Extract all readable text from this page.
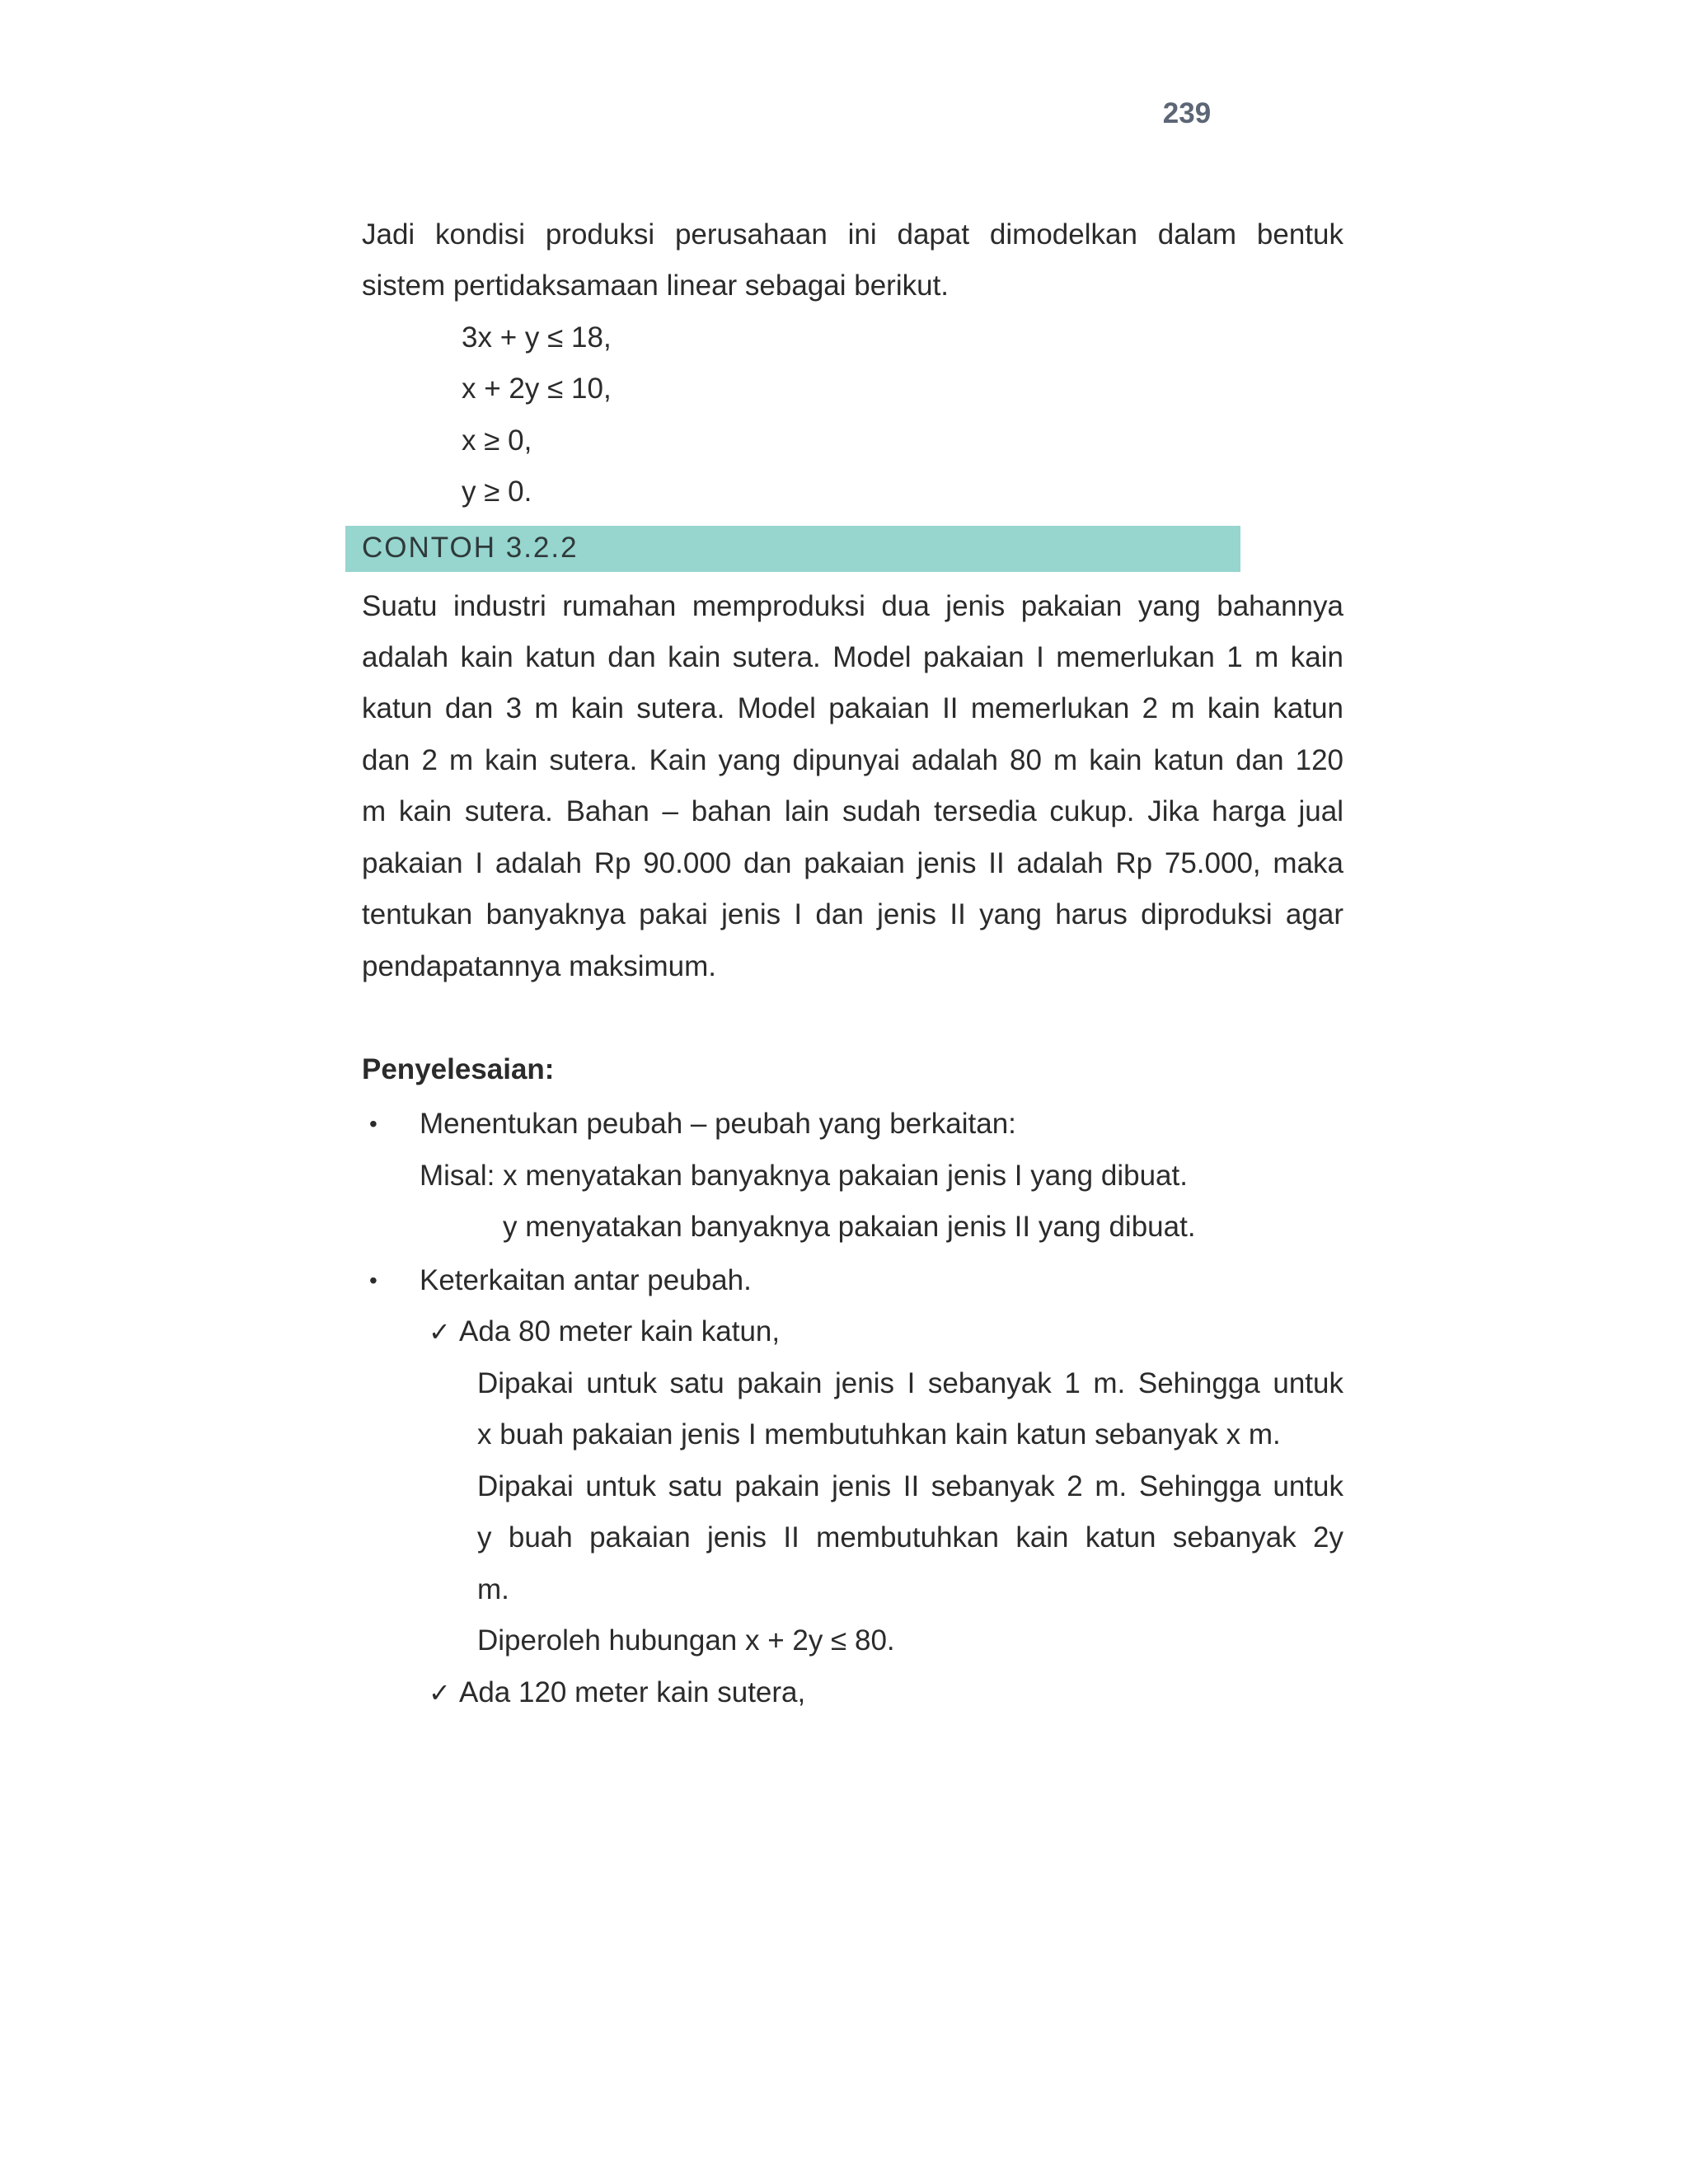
239
Jadi kondisi produksi perusahaan ini dapat dimodelkan dalam bentuk
sistem pertidaksamaan linear sebagai berikut.
3x + y ≤ 18,
x + 2y ≤ 10,
x ≥ 0,
y ≥ 0.
CONTOH 3.2.2
Suatu industri rumahan memproduksi dua jenis pakaian yang bahannya
adalah kain katun dan kain sutera. Model pakaian I memerlukan 1 m kain
katun dan 3 m kain sutera. Model pakaian II memerlukan 2 m kain katun
dan 2 m kain sutera. Kain yang dipunyai adalah 80 m kain katun dan 120
m kain sutera. Bahan – bahan lain sudah tersedia cukup. Jika harga jual
pakaian I adalah Rp 90.000 dan pakaian jenis II adalah Rp 75.000, maka
tentukan banyaknya pakai jenis I dan jenis II yang harus diproduksi agar
pendapatannya maksimum.
Penyelesaian:
• Menentukan peubah – peubah yang berkaitan:
Misal: x menyatakan banyaknya pakaian jenis I yang dibuat.
y menyatakan banyaknya pakaian jenis II yang dibuat.
• Keterkaitan antar peubah.
✓ Ada 80 meter kain katun,
Dipakai untuk satu pakain jenis I sebanyak 1 m. Sehingga untuk
x buah pakaian jenis I membutuhkan kain katun sebanyak x m.
Dipakai untuk satu pakain jenis II sebanyak 2 m. Sehingga untuk
y buah pakaian jenis II membutuhkan kain katun sebanyak 2y
m.
Diperoleh hubungan x + 2y ≤ 80.
✓ Ada 120 meter kain sutera,
